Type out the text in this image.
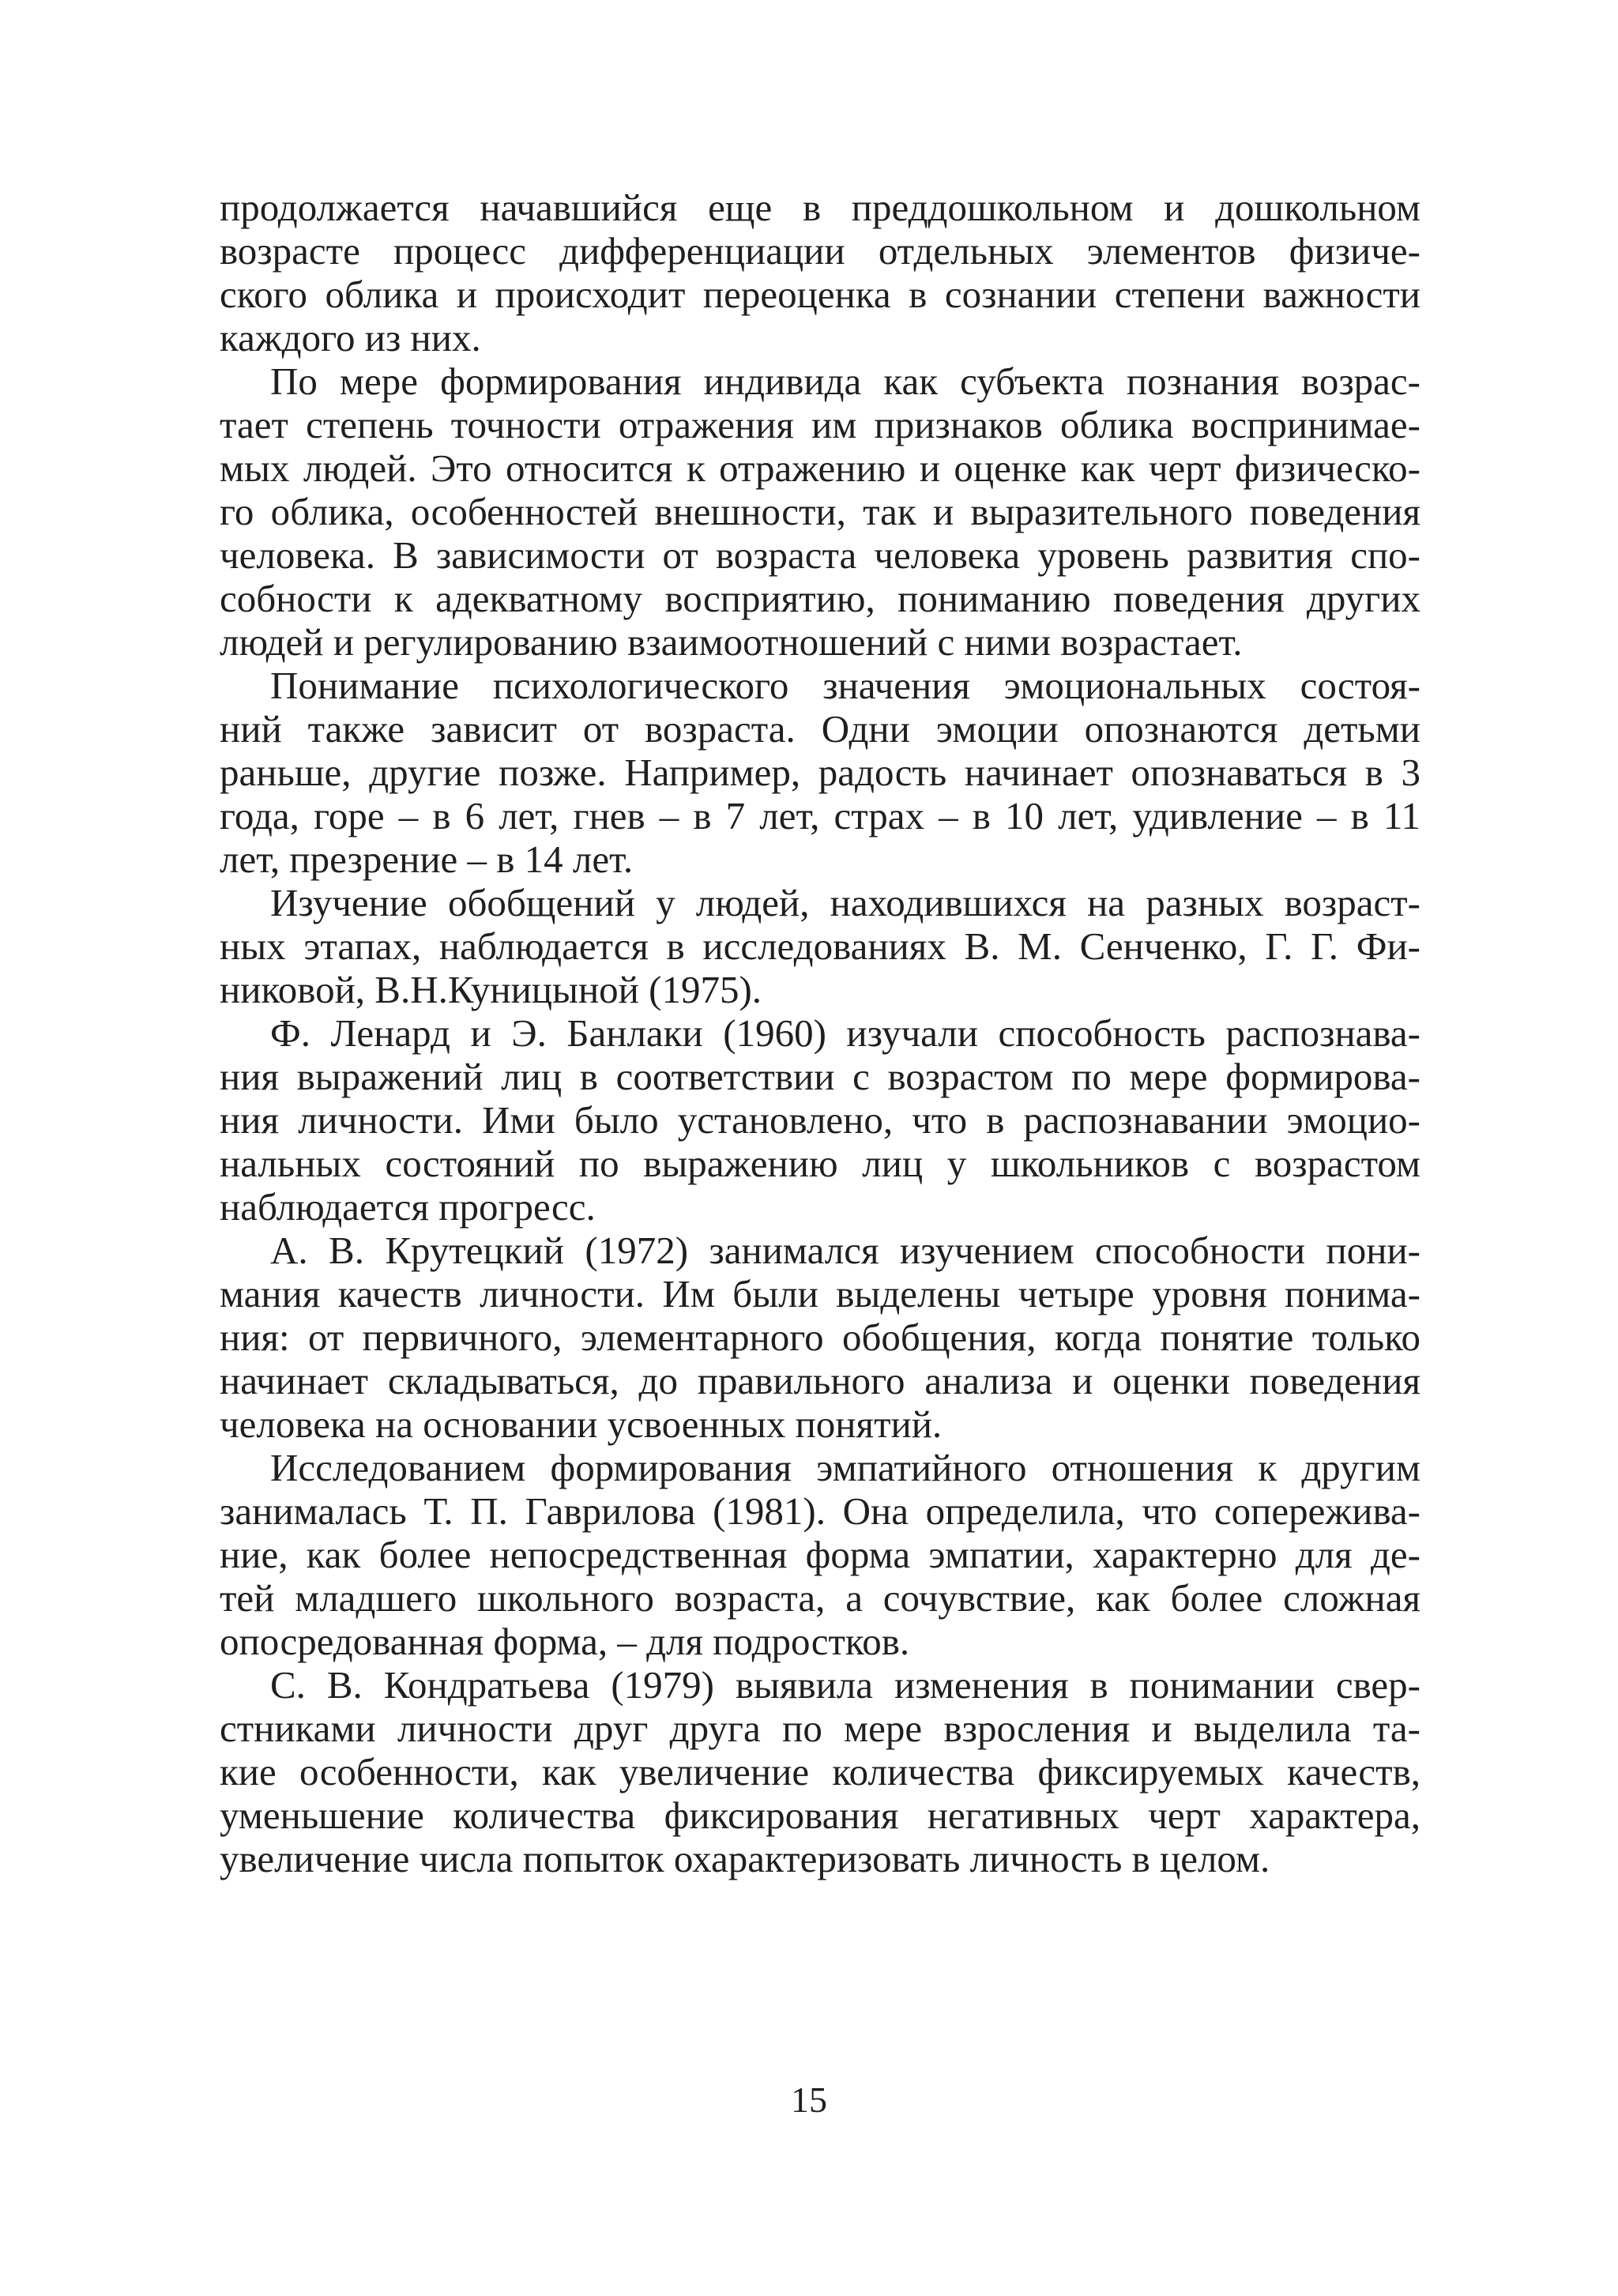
продолжается начавшийся еще в преддошкольном и дошкольном
возрасте процесс дифференциации отдельных элементов физиче-
ского облика и происходит переоценка в сознании степени важности
каждого из них.
По мере формирования индивида как субъекта познания возрас-
тает степень точности отражения им признаков облика воспринимае-
мых людей. Это относится к отражению и оценке как черт физическо-
го облика, особенностей внешности, так и выразительного поведения
человека. В зависимости от возраста человека уровень развития спо-
собности к адекватному восприятию, пониманию поведения других
людей и регулированию взаимоотношений с ними возрастает.
Понимание психологического значения эмоциональных состоя-
ний также зависит от возраста. Одни эмоции опознаются детьми
раньше, другие позже. Например, радость начинает опознаваться в 3
года, горе – в 6 лет, гнев – в 7 лет, страх – в 10 лет, удивление – в 11
лет, презрение – в 14 лет.
Изучение обобщений у людей, находившихся на разных возраст-
ных этапах, наблюдается в исследованиях В. М. Сенченко, Г. Г. Фи-
никовой, В.Н.Куницыной (1975).
Ф. Ленард и Э. Банлаки (1960) изучали способность распознава-
ния выражений лиц в соответствии с возрастом по мере формирова-
ния личности. Ими было установлено, что в распознавании эмоцио-
нальных состояний по выражению лиц у школьников с возрастом
наблюдается прогресс.
А. В. Крутецкий (1972) занимался изучением способности пони-
мания качеств личности. Им были выделены четыре уровня понима-
ния: от первичного, элементарного обобщения, когда понятие только
начинает складываться, до правильного анализа и оценки поведения
человека на основании усвоенных понятий.
Исследованием формирования эмпатийного отношения к другим
занималась Т. П. Гаврилова (1981). Она определила, что сопережива-
ние, как более непосредственная форма эмпатии, характерно для де-
тей младшего школьного возраста, а сочувствие, как более сложная
опосредованная форма, – для подростков.
С. В. Кондратьева (1979) выявила изменения в понимании свер-
стниками личности друг друга по мере взросления и выделила та-
кие особенности, как увеличение количества фиксируемых качеств,
уменьшение количества фиксирования негативных черт характера,
увеличение числа попыток охарактеризовать личность в целом.
15
